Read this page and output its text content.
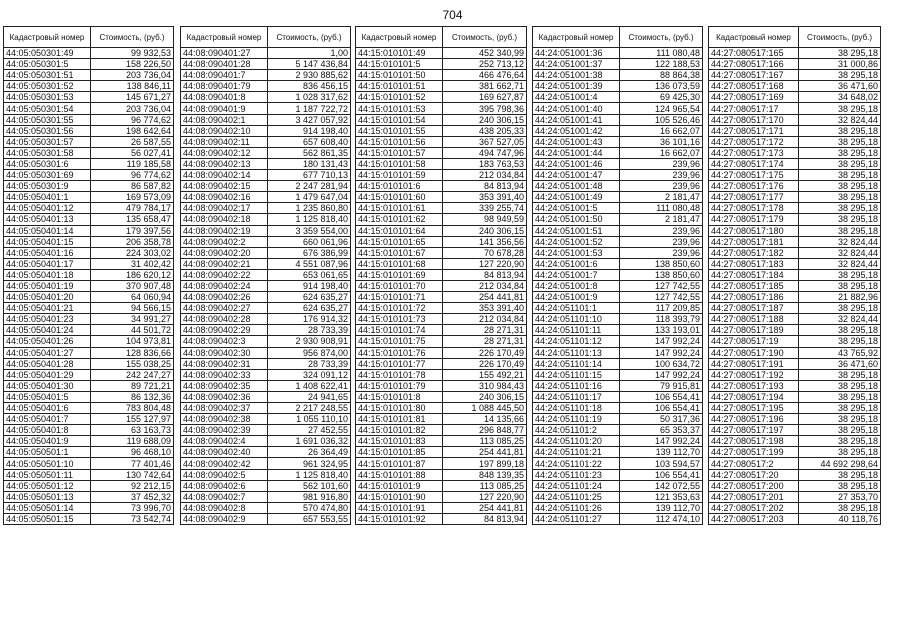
704
Кадастровый номер	Стоимость, (руб.)
44:05:050301:49	99 932,53
44:05:050301:5	158 226,50
44:05:050301:51	203 736,04
44:05:050301:52	138 846,11
44:05:050301:53	145 671,27
44:05:050301:54	203 736,04
44:05:050301:55	96 774,62
44:05:050301:56	198 642,64
44:05:050301:57	26 587,55
44:05:050301:58	56 027,41
44:05:050301:6	119 185,58
44:05:050301:69	96 774,62
44:05:050301:9	86 587,82
44:05:050401:1	169 573,09
44:05:050401:12	479 784,17
44:05:050401:13	135 658,47
44:05:050401:14	179 397,56
44:05:050401:15	206 358,78
44:05:050401:16	224 303,02
44:05:050401:17	31 402,42
44:05:050401:18	186 620,12
44:05:050401:19	370 907,48
44:05:050401:20	64 060,94
44:05:050401:21	94 566,15
44:05:050401:23	34 991,27
44:05:050401:24	44 501,72
44:05:050401:26	104 973,81
44:05:050401:27	128 836,66
44:05:050401:28	155 038,25
44:05:050401:29	242 247,27
44:05:050401:30	89 721,21
44:05:050401:5	86 132,36
44:05:050401:6	783 804,48
44:05:050401:7	155 127,97
44:05:050401:8	63 163,73
44:05:050401:9	119 688,09
44:05:050501:1	96 468,10
44:05:050501:10	77 401,46
44:05:050501:11	130 742,64
44:05:050501:12	92 212,15
44:05:050501:13	37 452,32
44:05:050501:14	73 996,70
44:05:050501:15	73 542,74
Кадастровый номер	Стоимость, (руб.)
44:08:090401:27	1,00
44:08:090401:28	5 147 436,84
44:08:090401:7	2 930 885,62
44:08:090401:79	836 456,15
44:08:090401:8	1 028 317,62
44:08:090401:9	1 187 722,72
44:08:090402:1	3 427 057,92
44:08:090402:10	914 198,40
44:08:090402:11	657 608,40
44:08:090402:12	562 861,35
44:08:090402:13	180 131,43
44:08:090402:14	677 710,13
44:08:090402:15	2 247 281,94
44:08:090402:16	1 479 647,04
44:08:090402:17	1 235 860,80
44:08:090402:18	1 125 818,40
44:08:090402:19	3 359 554,00
44:08:090402:2	660 061,96
44:08:090402:20	676 386,99
44:08:090402:21	4 551 087,96
44:08:090402:22	653 061,65
44:08:090402:24	914 198,40
44:08:090402:26	624 635,27
44:08:090402:27	624 635,27
44:08:090402:28	176 914,32
44:08:090402:29	28 733,39
44:08:090402:3	2 930 908,91
44:08:090402:30	956 874,00
44:08:090402:31	28 733,39
44:08:090402:33	324 091,12
44:08:090402:35	1 408 622,41
44:08:090402:36	24 941,65
44:08:090402:37	2 217 248,55
44:08:090402:38	1 055 110,10
44:08:090402:39	27 452,55
44:08:090402:4	1 691 036,32
44:08:090402:40	26 364,49
44:08:090402:42	961 324,95
44:08:090402:5	1 125 818,40
44:08:090402:6	562 101,60
44:08:090402:7	981 916,80
44:08:090402:8	570 474,80
44:08:090402:9	657 553,55
Кадастровый номер	Стоимость, (руб.)
44:15:010101:49	452 340,99
44:15:010101:5	252 713,12
44:15:010101:50	466 476,64
44:15:010101:51	381 662,71
44:15:010101:52	169 627,87
44:15:010101:53	395 798,36
44:15:010101:54	240 306,15
44:15:010101:55	438 205,33
44:15:010101:56	367 527,05
44:15:010101:57	494 747,96
44:15:010101:58	183 763,53
44:15:010101:59	212 034,84
44:15:010101:6	84 813,94
44:15:010101:60	353 391,40
44:15:010101:61	339 255,74
44:15:010101:62	98 949,59
44:15:010101:64	240 306,15
44:15:010101:65	141 356,56
44:15:010101:67	70 678,28
44:15:010101:68	127 220,90
44:15:010101:69	84 813,94
44:15:010101:70	212 034,84
44:15:010101:71	254 441,81
44:15:010101:72	353 391,40
44:15:010101:73	212 034,84
44:15:010101:74	28 271,31
44:15:010101:75	28 271,31
44:15:010101:76	226 170,49
44:15:010101:77	226 170,49
44:15:010101:78	155 492,21
44:15:010101:79	310 984,43
44:15:010101:8	240 306,15
44:15:010101:80	1 088 445,50
44:15:010101:81	14 135,66
44:15:010101:82	296 848,77
44:15:010101:83	113 085,25
44:15:010101:85	254 441,81
44:15:010101:87	197 899,18
44:15:010101:88	848 139,35
44:15:010101:9	113 085,25
44:15:010101:90	127 220,90
44:15:010101:91	254 441,81
44:15:010101:92	84 813,94
Кадастровый номер	Стоимость, (руб.)
44:24:051001:36	111 080,48
44:24:051001:37	122 188,53
44:24:051001:38	88 864,38
44:24:051001:39	136 073,59
44:24:051001:4	69 425,30
44:24:051001:40	124 965,54
44:24:051001:41	105 526,46
44:24:051001:42	16 662,07
44:24:051001:43	36 101,16
44:24:051001:44	16 662,07
44:24:051001:46	239,96
44:24:051001:47	239,96
44:24:051001:48	239,96
44:24:051001:49	2 181,47
44:24:051001:5	111 080,48
44:24:051001:50	2 181,47
44:24:051001:51	239,96
44:24:051001:52	239,96
44:24:051001:53	239,96
44:24:051001:6	138 850,60
44:24:051001:7	138 850,60
44:24:051001:8	127 742,55
44:24:051001:9	127 742,55
44:24:051101:1	117 209,85
44:24:051101:10	118 393,79
44:24:051101:11	133 193,01
44:24:051101:12	147 992,24
44:24:051101:13	147 992,24
44:24:051101:14	100 634,72
44:24:051101:15	147 992,24
44:24:051101:16	79 915,81
44:24:051101:17	106 554,41
44:24:051101:18	106 554,41
44:24:051101:19	50 317,36
44:24:051101:2	65 353,37
44:24:051101:20	147 992,24
44:24:051101:21	139 112,70
44:24:051101:22	103 594,57
44:24:051101:23	106 554,41
44:24:051101:24	142 072,55
44:24:051101:25	121 353,63
44:24:051101:26	139 112,70
44:24:051101:27	112 474,10
Кадастровый номер	Стоимость, (руб.)
44:27:080517:165	38 295,18
44:27:080517:166	31 000,86
44:27:080517:167	38 295,18
44:27:080517:168	36 471,60
44:27:080517:169	34 648,02
44:27:080517:17	38 295,18
44:27:080517:170	32 824,44
44:27:080517:171	38 295,18
44:27:080517:172	38 295,18
44:27:080517:173	38 295,18
44:27:080517:174	38 295,18
44:27:080517:175	38 295,18
44:27:080517:176	38 295,18
44:27:080517:177	38 295,18
44:27:080517:178	38 295,18
44:27:080517:179	38 295,18
44:27:080517:180	38 295,18
44:27:080517:181	32 824,44
44:27:080517:182	32 824,44
44:27:080517:183	32 824,44
44:27:080517:184	38 295,18
44:27:080517:185	38 295,18
44:27:080517:186	21 882,96
44:27:080517:187	38 295,18
44:27:080517:188	32 824,44
44:27:080517:189	38 295,18
44:27:080517:19	38 295,18
44:27:080517:190	43 765,92
44:27:080517:191	36 471,60
44:27:080517:192	38 295,18
44:27:080517:193	38 295,18
44:27:080517:194	38 295,18
44:27:080517:195	38 295,18
44:27:080517:196	38 295,18
44:27:080517:197	38 295,18
44:27:080517:198	38 295,18
44:27:080517:199	38 295,18
44:27:080517:2	44 692 298,64
44:27:080517:20	38 295,18
44:27:080517:200	38 295,18
44:27:080517:201	27 353,70
44:27:080517:202	38 295,18
44:27:080517:203	40 118,76
